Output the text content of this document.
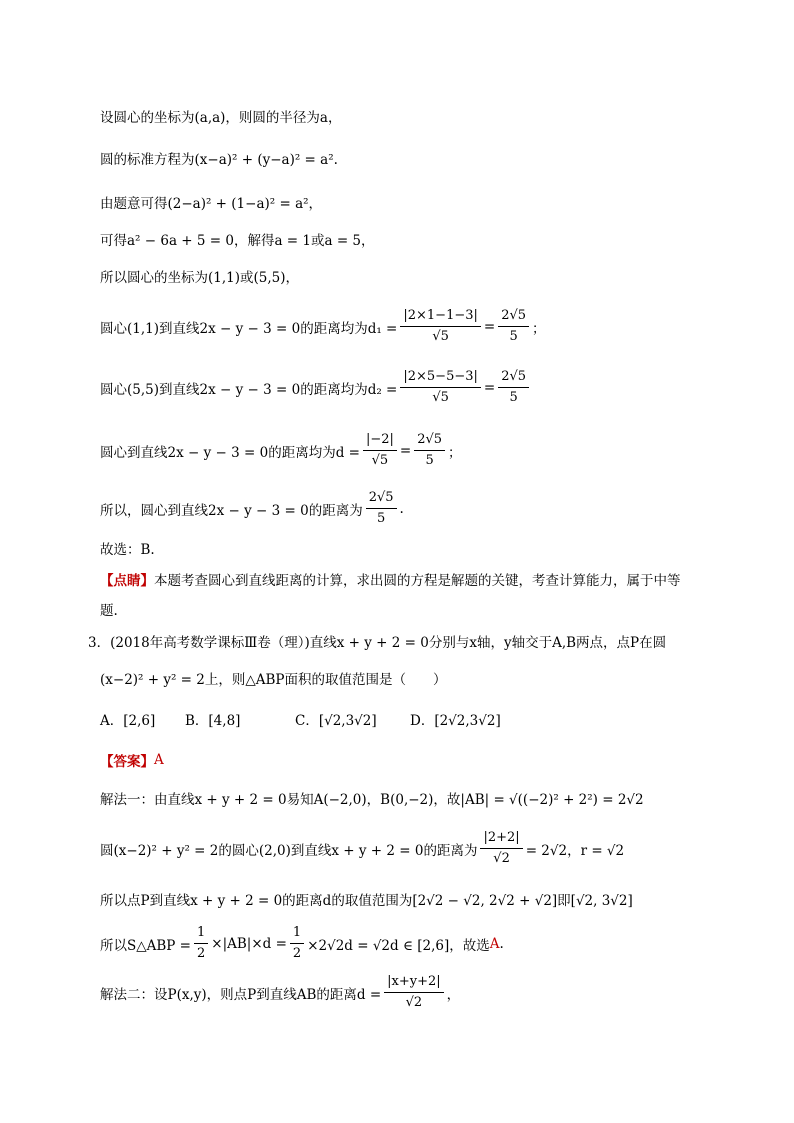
设圆心的坐标为(a,a)，则圆的半径为a，
圆的标准方程为(x−a)² + (y−a)² = a².
由题意可得(2−a)² + (1−a)² = a²，
可得a² − 6a + 5 = 0，解得a = 1或a = 5，
所以圆心的坐标为(1,1)或(5,5)，
圆心(1,1)到直线2x − y − 3 = 0的距离均为$d_1 = \frac{|2\times 1-1-3|}{√5} = \frac{2√5}{5}$ ；
圆心(5,5)到直线2x − y − 3 = 0的距离均为$d_2 = \frac{|2\times 5-5-3|}{√5} = \frac{2√5}{5}$
圆心到直线2x − y − 3 = 0的距离均为$d = \frac{|-2|}{√5} = \frac{2√5}{5}$ ；
所以，圆心到直线2x − y − 3 = 0的距离为 $\frac{2√5}{5}$ .
故选：B.
【点睛】 本题考查圆心到直线距离的计算，求出圆的方程是解题的关键，考查计算能力，属于中等
题.
3．(2018年高考数学课标Ⅲ卷（理）)直线x + y + 2 = 0分别与x轴，y轴交于A,B两点，点P在圆
(x−2)² + y² = 2上，则△ABP面积的取值范围是（　　）
A．[2,6]	B．[4,8]	C．[√2,3√2]	D．[2√2,3√2]
【答案】 A
解法一：由直线x + y + 2 = 0易知A(−2,0)，B(0,−2)，故|AB| = √((−2)² + 2²) = 2√2
圆(x−2)² + y² = 2的圆心(2,0)到直线x + y + 2 = 0的距离为 $\frac{|2+2|}{√2} = 2√2$，r = √2
所以点P到直线x + y + 2 = 0的距离d的取值范围为[2√2 − √2, 2√2 + √2]即[√2, 3√2]
所以S△ABP = $\frac{1}{2} \times|AB|\times d = \frac{1}{2} \times 2√2d = √2d$ ∈ [2,6]，故选 A .
解法二：设P(x,y)，则点P到直线AB的距离$d = \frac{|x+y+2|}{√2}$ ，
